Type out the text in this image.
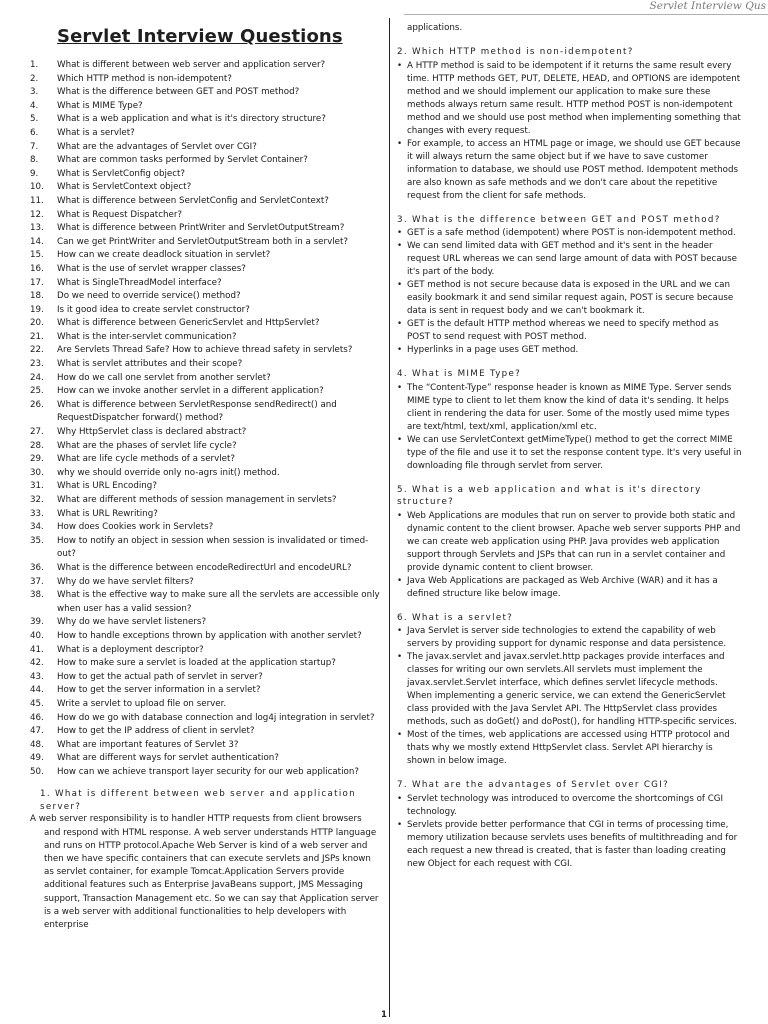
Servlet Interview Qus
Servlet Interview Questions
1.	What is different between web server and application server?
2.	Which HTTP method is non-idempotent?
3.	What is the difference between GET and POST method?
4.	What is MIME Type?
5.	What is a web application and what is it's directory structure?
6.	What is a servlet?
7.	What are the advantages of Servlet over CGI?
8.	What are common tasks performed by Servlet Container?
9.	What is ServletConfig object?
10.	What is ServletContext object?
11.	What is difference between ServletConfig and ServletContext?
12.	What is Request Dispatcher?
13.	What is difference between PrintWriter and ServletOutputStream?
14.	Can we get PrintWriter and ServletOutputStream both in a servlet?
15.	How can we create deadlock situation in servlet?
16.	What is the use of servlet wrapper classes?
17.	What is SingleThreadModel interface?
18.	Do we need to override service() method?
19.	Is it good idea to create servlet constructor?
20.	What is difference between GenericServlet and HttpServlet?
21.	What is the inter-servlet communication?
22.	Are Servlets Thread Safe? How to achieve thread safety in servlets?
23.	What is servlet attributes and their scope?
24.	How do we call one servlet from another servlet?
25.	How can we invoke another servlet in a different application?
26.	What is difference between ServletResponse sendRedirect() and RequestDispatcher forward() method?
27.	Why HttpServlet class is declared abstract?
28.	What are the phases of servlet life cycle?
29.	What are life cycle methods of a servlet?
30.	why we should override only no-agrs init() method.
31.	What is URL Encoding?
32.	What are different methods of session management in servlets?
33.	What is URL Rewriting?
34.	How does Cookies work in Servlets?
35.	How to notify an object in session when session is invalidated or timed-out?
36.	What is the difference between encodeRedirectUrl and encodeURL?
37.	Why do we have servlet filters?
38.	What is the effective way to make sure all the servlets are accessible only when user has a valid session?
39.	Why do we have servlet listeners?
40.	How to handle exceptions thrown by application with another servlet?
41.	What is a deployment descriptor?
42.	How to make sure a servlet is loaded at the application startup?
43.	How to get the actual path of servlet in server?
44.	How to get the server information in a servlet?
45.	Write a servlet to upload file on server.
46.	How do we go with database connection and log4j integration in servlet?
47.	How to get the IP address of client in servlet?
48.	What are important features of Servlet 3?
49.	What are different ways for servlet authentication?
50.	How can we achieve transport layer security for our web application?

1. What is different between web server and application server?

A web server responsibility is to handler HTTP requests from client browsers and respond with HTML response. A web server understands HTTP language and runs on HTTP protocol.Apache Web Server is kind of a web server and then we have specific containers that can execute servlets and JSPs known as servlet container, for example Tomcat.Application Servers provide additional features such as Enterprise JavaBeans support, JMS Messaging support, Transaction Management etc. So we can say that Application server is a web server with additional functionalities to help developers with enterprise

applications.

2. Which HTTP method is non-idempotent?

• A HTTP method is said to be idempotent if it returns the same result every time. HTTP methods GET, PUT, DELETE, HEAD, and OPTIONS are idempotent method and we should implement our application to make sure these methods always return same result. HTTP method POST is non-idempotent method and we should use post method when implementing something that changes with every request.
• For example, to access an HTML page or image, we should use GET because it will always return the same object but if we have to save customer information to database, we should use POST method. Idempotent methods are also known as safe methods and we don't care about the repetitive request from the client for safe methods.

3. What is the difference between GET and POST method?

• GET is a safe method (idempotent) where POST is non-idempotent method.
• We can send limited data with GET method and it's sent in the header request URL whereas we can send large amount of data with POST because it's part of the body.
• GET method is not secure because data is exposed in the URL and we can easily bookmark it and send similar request again, POST is secure because data is sent in request body and we can't bookmark it.
• GET is the default HTTP method whereas we need to specify method as POST to send request with POST method.
• Hyperlinks in a page uses GET method.

4. What is MIME Type?

• The “Content-Type” response header is known as MIME Type. Server sends MIME type to client to let them know the kind of data it's sending. It helps client in rendering the data for user. Some of the mostly used mime types are text/html, text/xml, application/xml etc.
• We can use ServletContext getMimeType() method to get the correct MIME type of the file and use it to set the response content type. It's very useful in downloading file through servlet from server.

5. What is a web application and what is it's directory structure?

• Web Applications are modules that run on server to provide both static and dynamic content to the client browser. Apache web server supports PHP and we can create web application using PHP. Java provides web application support through Servlets and JSPs that can run in a servlet container and provide dynamic content to client browser.
• Java Web Applications are packaged as Web Archive (WAR) and it has a defined structure like below image.

6. What is a servlet?

• Java Servlet is server side technologies to extend the capability of web servers by providing support for dynamic response and data persistence.
• The javax.servlet and javax.servlet.http packages provide interfaces and classes for writing our own servlets.All servlets must implement the javax.servlet.Servlet interface, which defines servlet lifecycle methods. When implementing a generic service, we can extend the GenericServlet class provided with the Java Servlet API. The HttpServlet class provides methods, such as doGet() and doPost(), for handling HTTP-specific services.
• Most of the times, web applications are accessed using HTTP protocol and thats why we mostly extend HttpServlet class. Servlet API hierarchy is shown in below image.

7. What are the advantages of Servlet over CGI?

• Servlet technology was introduced to overcome the shortcomings of CGI technology.
• Servlets provide better performance that CGI in terms of processing time, memory utilization because servlets uses benefits of multithreading and for each request a new thread is created, that is faster than loading creating new Object for each request with CGI.
1
